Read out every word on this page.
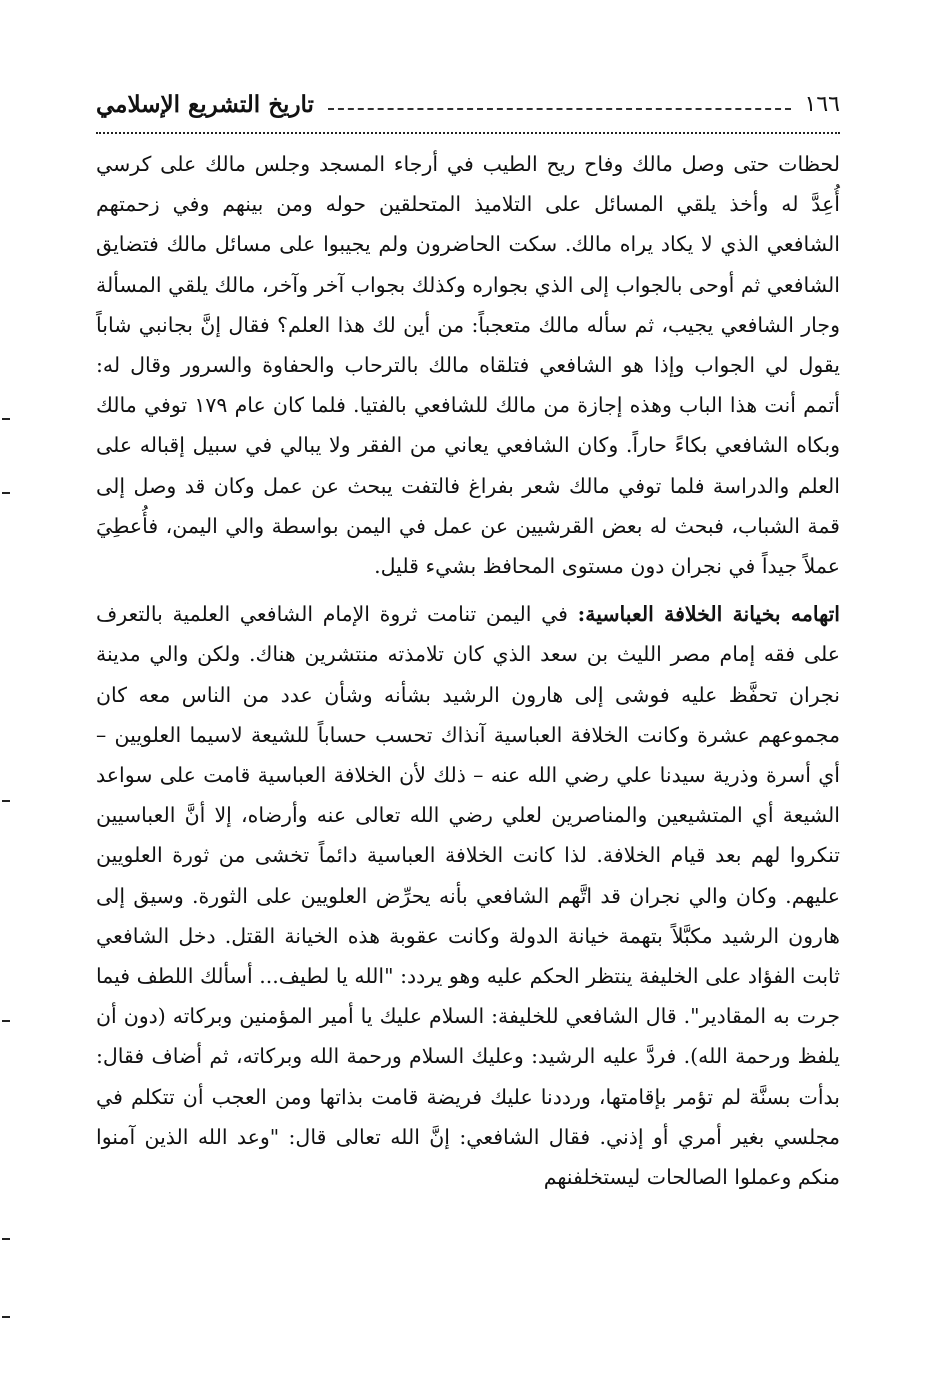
١٦٦
تاريخ التشريع الإسلامي

لحظات حتى وصل مالك وفاح ريح الطيب في أرجاء المسجد وجلس مالك على كرسي أُعِدَّ له وأخذ يلقي المسائل على التلاميذ المتحلقين حوله ومن بينهم وفي زحمتهم الشافعي الذي لا يكاد يراه مالك. سكت الحاضرون ولم يجيبوا على مسائل مالك فتضايق الشافعي ثم أوحى بالجواب إلى الذي بجواره وكذلك بجواب آخر وآخر، مالك يلقي المسألة وجار الشافعي يجيب، ثم سأله مالك متعجباً: من أين لك هذا العلم؟ فقال إنَّ بجانبي شاباً يقول لي الجواب وإذا هو الشافعي فتلقاه مالك بالترحاب والحفاوة والسرور وقال له: أتمم أنت هذا الباب وهذه إجازة من مالك للشافعي بالفتيا. فلما كان عام ١٧٩ توفي مالك وبكاه الشافعي بكاءً حاراً. وكان الشافعي يعاني من الفقر ولا يبالي في سبيل إقباله على العلم والدراسة فلما توفي مالك شعر بفراغ فالتفت يبحث عن عمل وكان قد وصل إلى قمة الشباب، فبحث له بعض القرشيين عن عمل في اليمن بواسطة والي اليمن، فأُعطِيَ عملاً جيداً في نجران دون مستوى المحافظ بشيء قليل.

اتهامه بخيانة الخلافة العباسية: في اليمن تنامت ثروة الإمام الشافعي العلمية بالتعرف على فقه إمام مصر الليث بن سعد الذي كان تلامذته منتشرين هناك. ولكن والي مدينة نجران تحفَّظ عليه فوشى إلى هارون الرشيد بشأنه وشأن عدد من الناس معه كان مجموعهم عشرة وكانت الخلافة العباسية آنذاك تحسب حساباً للشيعة لاسيما العلويين – أي أسرة وذرية سيدنا علي رضي الله عنه – ذلك لأن الخلافة العباسية قامت على سواعد الشيعة أي المتشيعين والمناصرين لعلي رضي الله تعالى عنه وأرضاه، إلا أنَّ العباسيين تنكروا لهم بعد قيام الخلافة. لذا كانت الخلافة العباسية دائماً تخشى من ثورة العلويين عليهم. وكان والي نجران قد اتَّهم الشافعي بأنه يحرِّض العلويين على الثورة. وسيق إلى هارون الرشيد مكبَّلاً بتهمة خيانة الدولة وكانت عقوبة هذه الخيانة القتل. دخل الشافعي ثابت الفؤاد على الخليفة ينتظر الحكم عليه وهو يردد: "الله يا لطيف... أسألك اللطف فيما جرت به المقادير". قال الشافعي للخليفة: السلام عليك يا أمير المؤمنين وبركاته (دون أن يلفظ ورحمة الله). فردَّ عليه الرشيد: وعليك السلام ورحمة الله وبركاته، ثم أضاف فقال: بدأت بسنَّة لم تؤمر بإقامتها، ورددنا عليك فريضة قامت بذاتها ومن العجب أن تتكلم في مجلسي بغير أمري أو إذني. فقال الشافعي: إنَّ الله تعالى قال: "وعد الله الذين آمنوا منكم وعملوا الصالحات ليستخلفنهم
